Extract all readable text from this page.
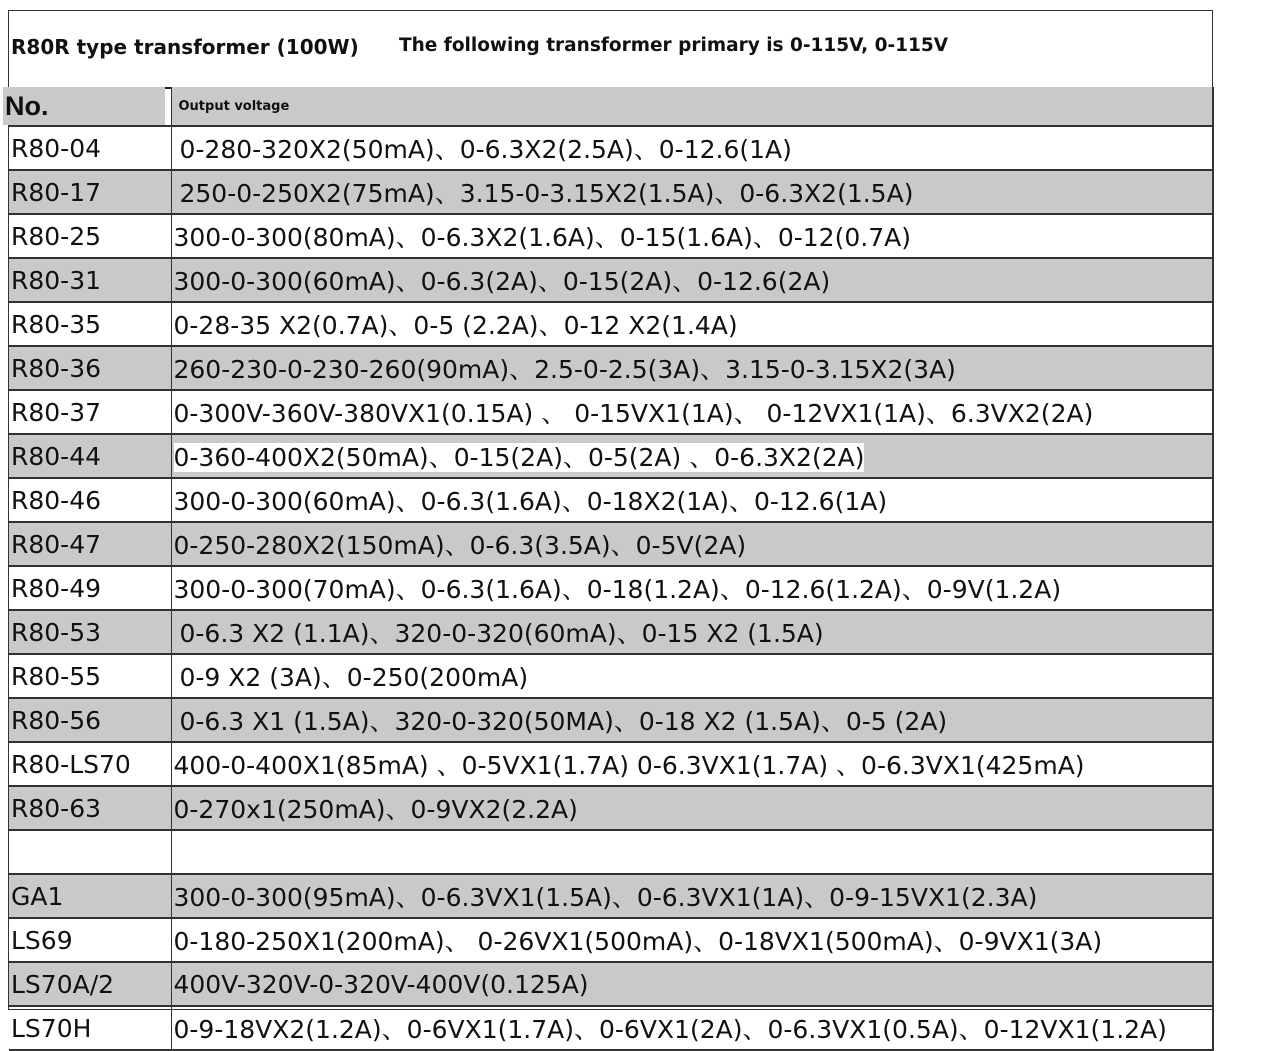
R80R type transformer (100W) The following transformer primary is 0-115V, 0-115V
No.	Output voltage
R80-04	0-280-320X2(50mA)、0-6.3X2(2.5A)、0-12.6(1A)
R80-17	250-0-250X2(75mA)、3.15-0-3.15X2(1.5A)、0-6.3X2(1.5A)
R80-25	300-0-300(80mA)、0-6.3X2(1.6A)、0-15(1.6A)、0-12(0.7A)
R80-31	300-0-300(60mA)、0-6.3(2A)、0-15(2A)、0-12.6(2A)
R80-35	0-28-35 X2(0.7A)、0-5 (2.2A)、0-12 X2(1.4A)
R80-36	260-230-0-230-260(90mA)、2.5-0-2.5(3A)、3.15-0-3.15X2(3A)
R80-37	0-300V-360V-380VX1(0.15A) 、 0-15VX1(1A)、 0-12VX1(1A)、6.3VX2(2A)
R80-44	0-360-400X2(50mA)、0-15(2A)、0-5(2A) 、0-6.3X2(2A)
R80-46	300-0-300(60mA)、0-6.3(1.6A)、0-18X2(1A)、0-12.6(1A)
R80-47	0-250-280X2(150mA)、0-6.3(3.5A)、0-5V(2A)
R80-49	300-0-300(70mA)、0-6.3(1.6A)、0-18(1.2A)、0-12.6(1.2A)、0-9V(1.2A)
R80-53	0-6.3 X2 (1.1A)、320-0-320(60mA)、0-15 X2 (1.5A)
R80-55	0-9 X2 (3A)、0-250(200mA)
R80-56	0-6.3 X1 (1.5A)、320-0-320(50MA)、0-18 X2 (1.5A)、0-5 (2A)
R80-LS70	400-0-400X1(85mA) 、0-5VX1(1.7A) 0-6.3VX1(1.7A) 、0-6.3VX1(425mA)
R80-63	0-270x1(250mA)、0-9VX2(2.2A)

GA1	300-0-300(95mA)、0-6.3VX1(1.5A)、0-6.3VX1(1A)、0-9-15VX1(2.3A)
LS69	0-180-250X1(200mA)、 0-26VX1(500mA)、0-18VX1(500mA)、0-9VX1(3A)
LS70A/2	400V-320V-0-320V-400V(0.125A)
LS70H	0-9-18VX2(1.2A)、0-6VX1(1.7A)、0-6VX1(2A)、0-6.3VX1(0.5A)、0-12VX1(1.2A)
